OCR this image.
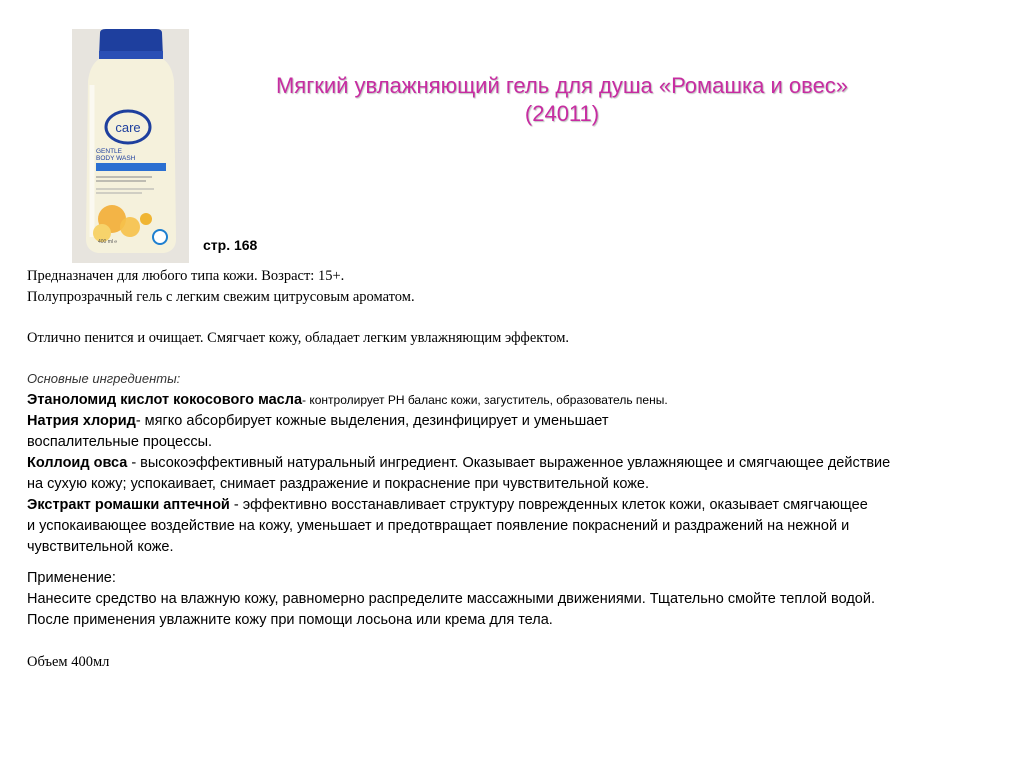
care
GENTLE
BODY WASH
400 ml ℮
Мягкий увлажняющий гель для душа «Ромашка и овес»
(24011)
стр. 168

Предназначен для любого типа кожи. Возраст: 15+.

Полупрозрачный гель с легким свежим цитрусовым ароматом.

Отлично пенится и очищает. Смягчает кожу, обладает легким увлажняющим эффектом.

Основные ингредиенты:

Этаноломид кислот кокосового масла- контролирует PH баланс кожи, загуститель, образователь пены.

Натрия хлорид- мягко абсорбирует кожные выделения, дезинфицирует и уменьшает

воспалительные процессы.

Коллоид овса - высокоэффективный натуральный ингредиент. Оказывает выраженное увлажняющее и смягчающее действие

на сухую кожу; успокаивает, снимает раздражение и покраснение при чувствительной коже.

Экстракт ромашки аптечной - эффективно восстанавливает структуру поврежденных клеток кожи, оказывает смягчающее

и успокаивающее воздействие на кожу, уменьшает и предотвращает появление покраснений и раздражений на нежной и

чувствительной коже.

Применение:

Нанесите средство на влажную кожу, равномерно распределите массажными движениями. Тщательно смойте теплой водой.

После применения увлажните кожу при помощи лосьона или крема для тела.

Объем 400мл
